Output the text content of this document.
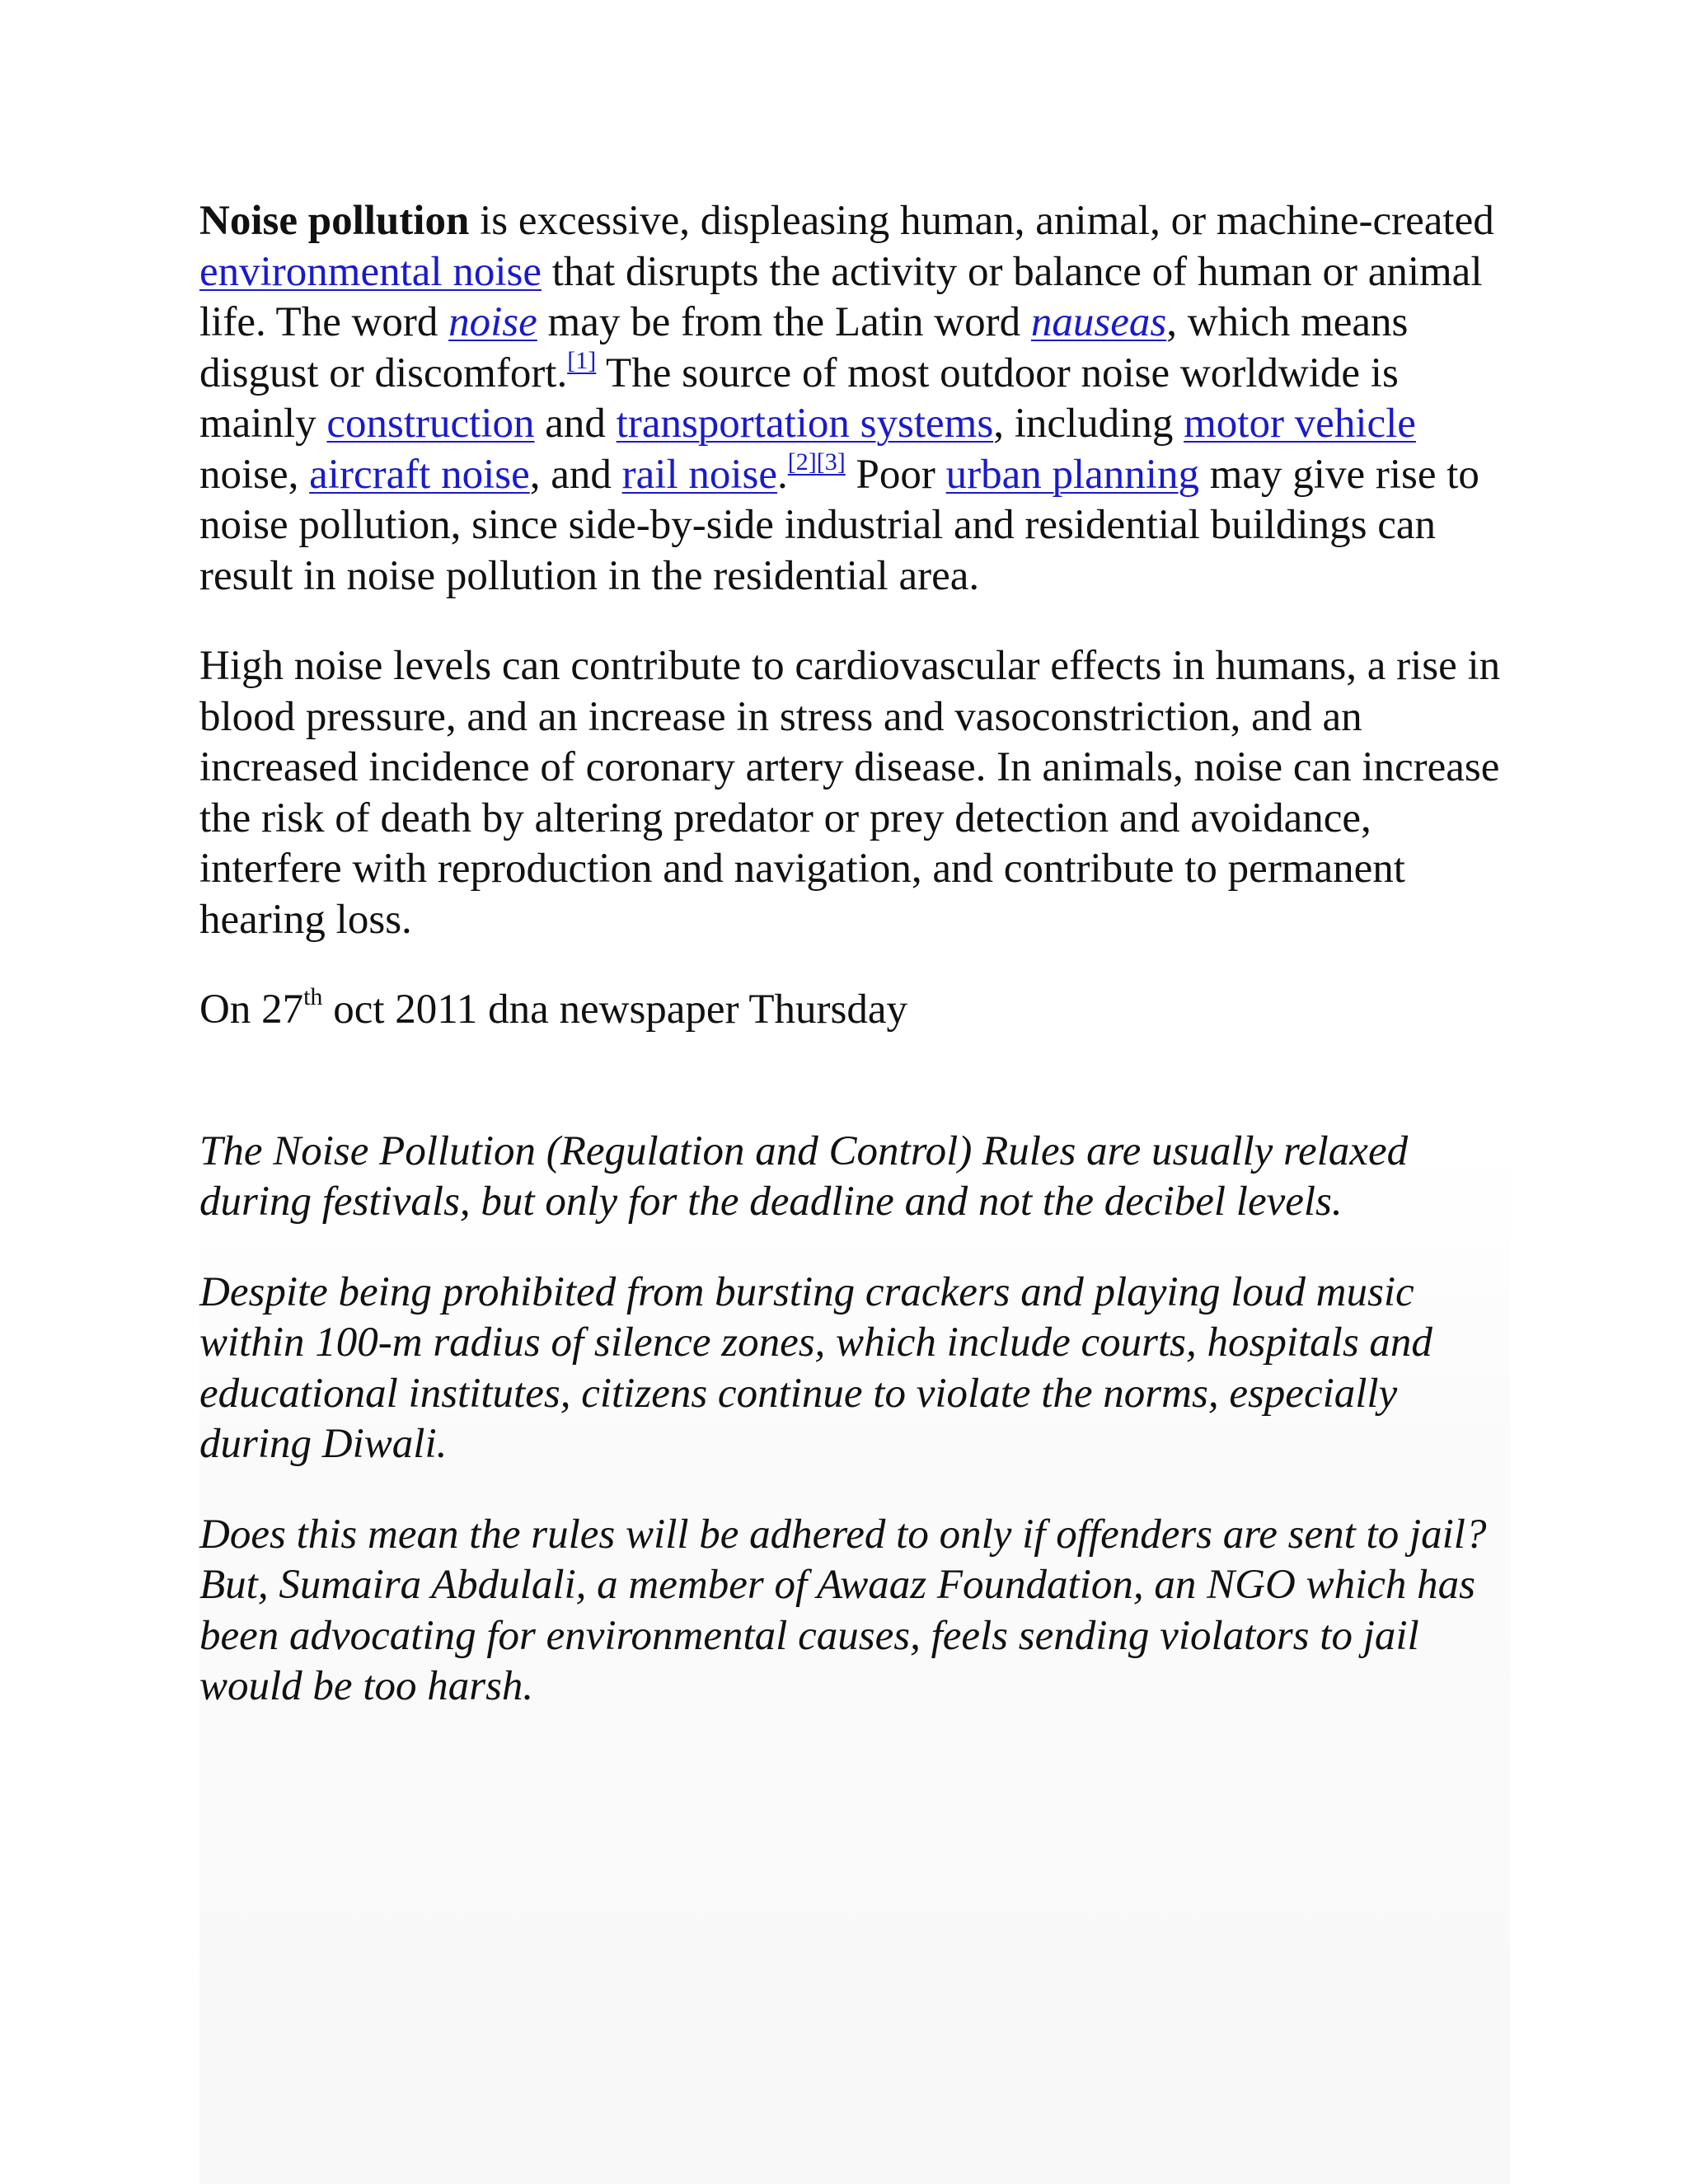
Noise pollution is excessive, displeasing human, animal, or machine-created environmental noise that disrupts the activity or balance of human or animal life. The word noise may be from the Latin word nauseas, which means disgust or discomfort.[1] The source of most outdoor noise worldwide is mainly construction and transportation systems, including motor vehicle noise, aircraft noise, and rail noise.[2][3] Poor urban planning may give rise to noise pollution, since side-by-side industrial and residential buildings can result in noise pollution in the residential area.

High noise levels can contribute to cardiovascular effects in humans, a rise in blood pressure, and an increase in stress and vasoconstriction, and an increased incidence of coronary artery disease. In animals, noise can increase the risk of death by altering predator or prey detection and avoidance, interfere with reproduction and navigation, and contribute to permanent hearing loss.

On 27th oct 2011 dna newspaper Thursday

The Noise Pollution (Regulation and Control) Rules are usually relaxed during festivals, but only for the deadline and not the decibel levels.

Despite being prohibited from bursting crackers and playing loud music within 100-m radius of silence zones, which include courts, hospitals and educational institutes, citizens continue to violate the norms, especially during Diwali.

Does this mean the rules will be adhered to only if offenders are sent to jail?
But, Sumaira Abdulali, a member of Awaaz Foundation, an NGO which has been advocating for environmental causes, feels sending violators to jail would be too harsh.
